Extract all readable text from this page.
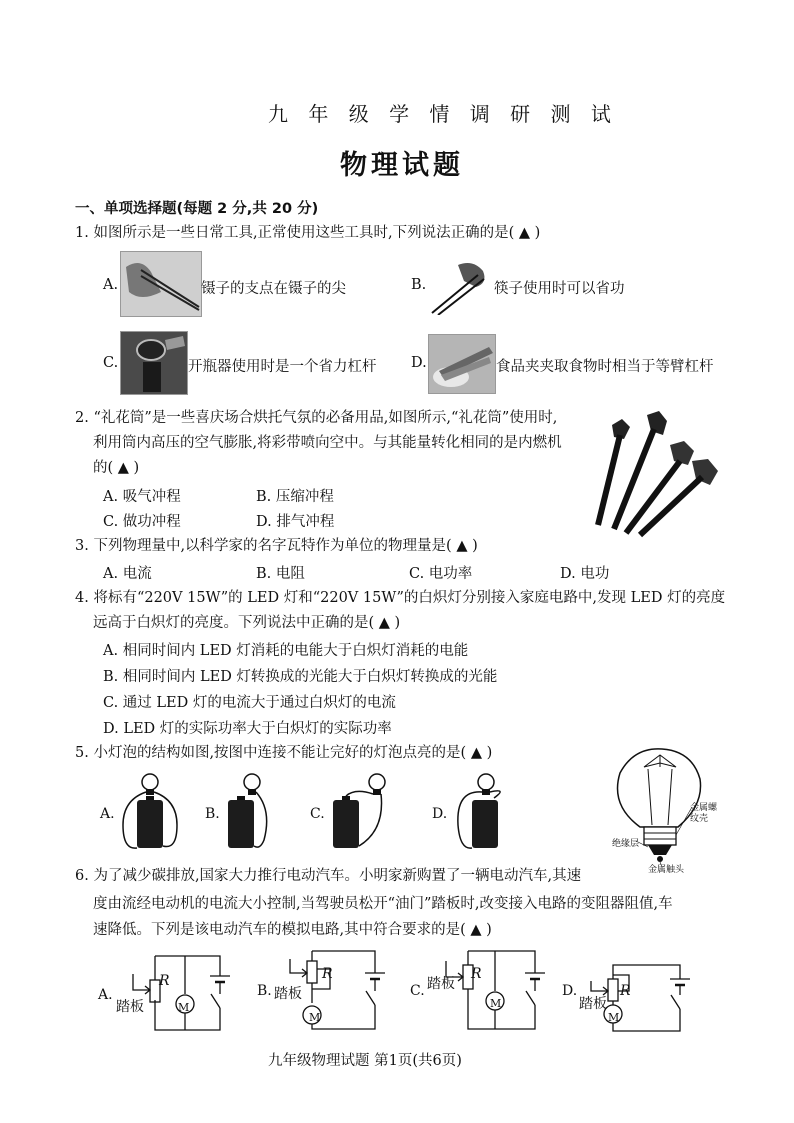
九 年 级 学 情 调 研 测 试
物理试题
一、单项选择题(每题 2 分,共 20 分)
1. 如图所示是一些日常工具,正常使用这些工具时,下列说法正确的是( ▲ )
A.	镊子的支点在镊子的尖	B.	筷子使用时可以省功
C.	开瓶器使用时是一个省力杠杆 D.	食品夹夹取食物时相当于等臂杠杆
2. “礼花筒”是一些喜庆场合烘托气氛的必备用品,如图所示,“礼花筒”使用时,
利用筒内高压的空气膨胀,将彩带喷向空中。与其能量转化相同的是内燃机
的( ▲ )
A. 吸气冲程	B. 压缩冲程
C. 做功冲程	D. 排气冲程
3. 下列物理量中,以科学家的名字瓦特作为单位的物理量是( ▲ )
A. 电流	B. 电阻	C. 电功率	D. 电功
4. 将标有“220V 15W”的 LED 灯和“220V 15W”的白炽灯分别接入家庭电路中,发现 LED 灯的亮度
远高于白炽灯的亮度。下列说法中正确的是( ▲ )
A. 相同时间内 LED 灯消耗的电能大于白炽灯消耗的电能
B. 相同时间内 LED 灯转换成的光能大于白炽灯转换成的光能
C. 通过 LED 灯的电流大于通过白炽灯的电流
D. LED 灯的实际功率大于白炽灯的实际功率
5. 小灯泡的结构如图,按图中连接不能让完好的灯泡点亮的是( ▲ )
A.	B.	C.	D.	金属螺纹壳
绝缘层
金属触头
6. 为了减少碳排放,国家大力推行电动汽车。小明家新购置了一辆电动汽车,其速
度由流经电动机的电流大小控制,当驾驶员松开“油门”踏板时,改变接入电路的变阻器阻值,车
速降低。下列是该电动汽车的模拟电路,其中符合要求的是( ▲ )
A.
踏板
R
M
B. 踏板
R
M
C. 踏板
R
M
D.
踏板
R
M
九年级物理试题 第1页(共6页)
